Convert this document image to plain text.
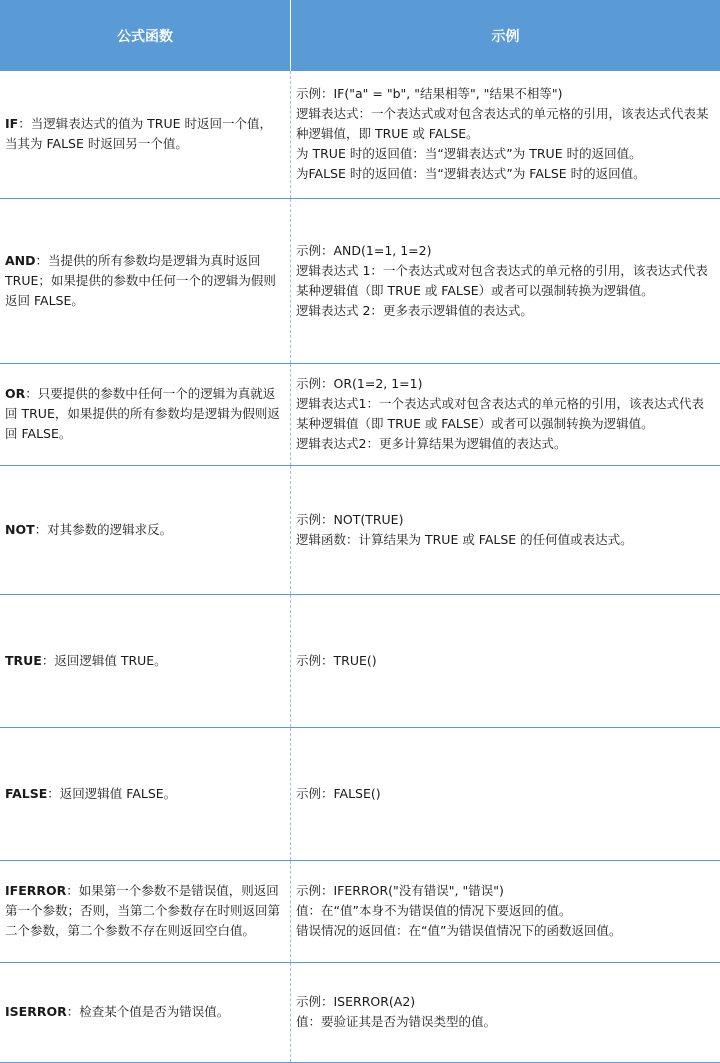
公式函数	示例
IF：当逻辑表达式的值为 TRUE 时返回一个值，当其为 FALSE 时返回另一个值。	示例：IF("a" = "b", "结果相等", "结果不相等")
逻辑表达式：一个表达式或对包含表达式的单元格的引用，该表达式代表某种逻辑值，即 TRUE 或 FALSE。
为 TRUE 时的返回值：当“逻辑表达式”为 TRUE 时的返回值。
为FALSE 时的返回值：当“逻辑表达式”为 FALSE 时的返回值。

AND：当提供的所有参数均是逻辑为真时返回 TRUE；如果提供的参数中任何一个的逻辑为假则返回 FALSE。	示例：AND(1=1, 1=2)
逻辑表达式 1：一个表达式或对包含表达式的单元格的引用，该表达式代表某种逻辑值（即 TRUE 或 FALSE）或者可以强制转换为逻辑值。
逻辑表达式 2：更多表示逻辑值的表达式。

OR：只要提供的参数中任何一个的逻辑为真就返回 TRUE，如果提供的所有参数均是逻辑为假则返回 FALSE。	示例：OR(1=2, 1=1)
逻辑表达式1：一个表达式或对包含表达式的单元格的引用，该表达式代表某种逻辑值（即 TRUE 或 FALSE）或者可以强制转换为逻辑值。
逻辑表达式2：更多计算结果为逻辑值的表达式。

NOT：对其参数的逻辑求反。	示例：NOT(TRUE)
逻辑函数：计算结果为 TRUE 或 FALSE 的任何值或表达式。

TRUE：返回逻辑值 TRUE。	示例：TRUE()

FALSE：返回逻辑值 FALSE。	示例：FALSE()

IFERROR：如果第一个参数不是错误值，则返回第一个参数；否则，当第二个参数存在时则返回第二个参数，第二个参数不存在则返回空白值。	示例：IFERROR("没有错误", "错误")
值：在“值”本身不为错误值的情况下要返回的值。
错误情况的返回值：在“值”为错误值情况下的函数返回值。

ISERROR：检查某个值是否为错误值。	示例：ISERROR(A2)
值：要验证其是否为错误类型的值。
